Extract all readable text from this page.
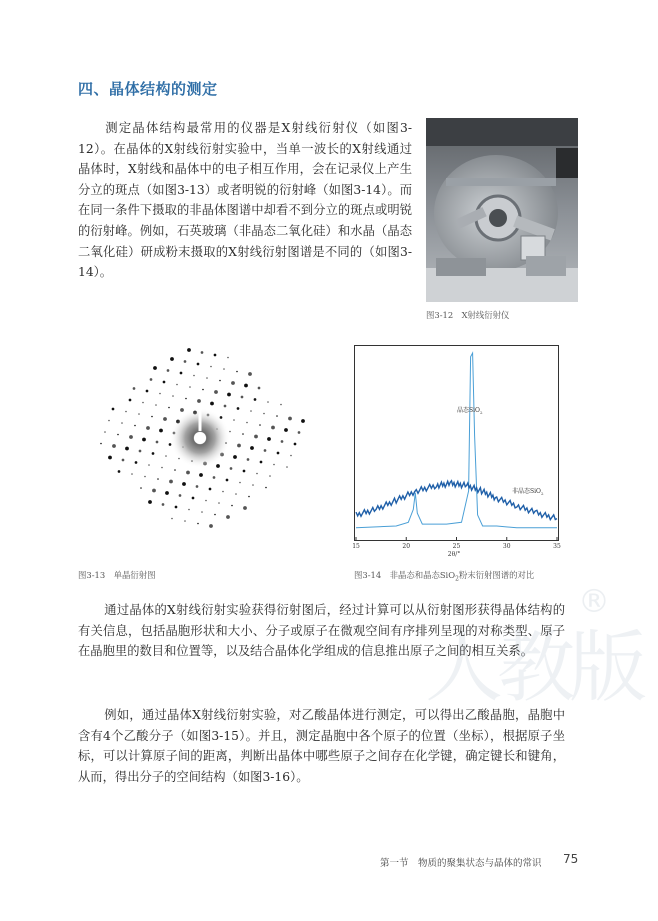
四、晶体结构的测定

测定晶体结构最常用的仪器是X射线衍射仪（如图3-12）。在晶体的X射线衍射实验中，当单一波长的X射线通过晶体时，X射线和晶体中的电子相互作用，会在记录仪上产生分立的斑点（如图3-13）或者明锐的衍射峰（如图3-14）。而在同一条件下摄取的非晶体图谱中却看不到分立的斑点或明锐的衍射峰。例如，石英玻璃（非晶态二氧化硅）和水晶（晶态二氧化硅）研成粉末摄取的X射线衍射图谱是不同的（如图3-14）。

图3-12　X射线衍射仪
图3-13　单晶衍射图
15	20	25	30	35
晶态SiO$_2$
非晶态SiO$_2$
2θ/°
图3-14　非晶态和晶态SiO$_2$粉末衍射图谱的对比
人教版
®

通过晶体的X射线衍射实验获得衍射图后，经过计算可以从衍射图形获得晶体结构的有关信息，包括晶胞形状和大小、分子或原子在微观空间有序排列呈现的对称类型、原子在晶胞里的数目和位置等，以及结合晶体化学组成的信息推出原子之间的相互关系。

例如，通过晶体X射线衍射实验，对乙酸晶体进行测定，可以得出乙酸晶胞，晶胞中含有4个乙酸分子（如图3-15）。并且，测定晶胞中各个原子的位置（坐标），根据原子坐标，可以计算原子间的距离，判断出晶体中哪些原子之间存在化学键，确定键长和键角，从而，得出分子的空间结构（如图3-16）。

第一节　物质的聚集状态与晶体的常识 75
